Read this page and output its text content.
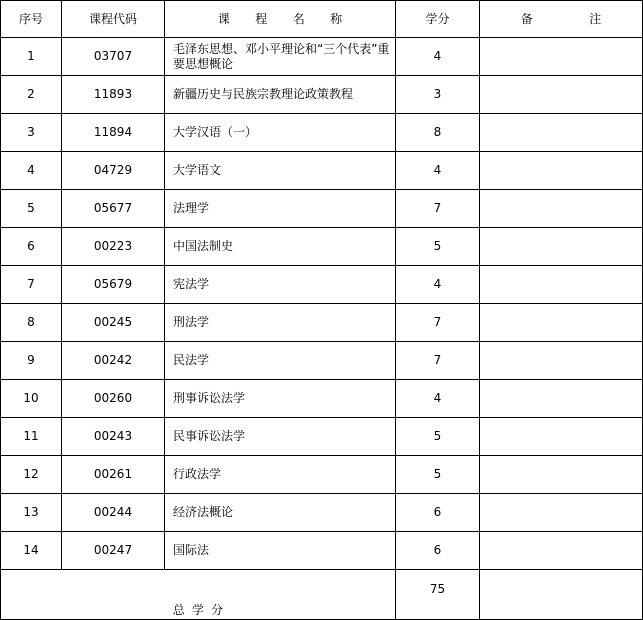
序号	课程代码	课 程 名 称	学分	备 注
1	03707	毛泽东思想、邓小平理论和“三个代表”重要思想概论	4	
2	11893	新疆历史与民族宗教理论政策教程	3	
3	11894	大学汉语（一）	8	
4	04729	大学语文	4	
5	05677	法理学	7	
6	00223	中国法制史	5	
7	05679	宪法学	4	
8	00245	刑法学	7	
9	00242	民法学	7	
10	00260	刑事诉讼法学	4	
11	00243	民事诉讼法学	5	
12	00261	行政法学	5	
13	00244	经济法概论	6	
14	00247	国际法	6	
总学分			75	
